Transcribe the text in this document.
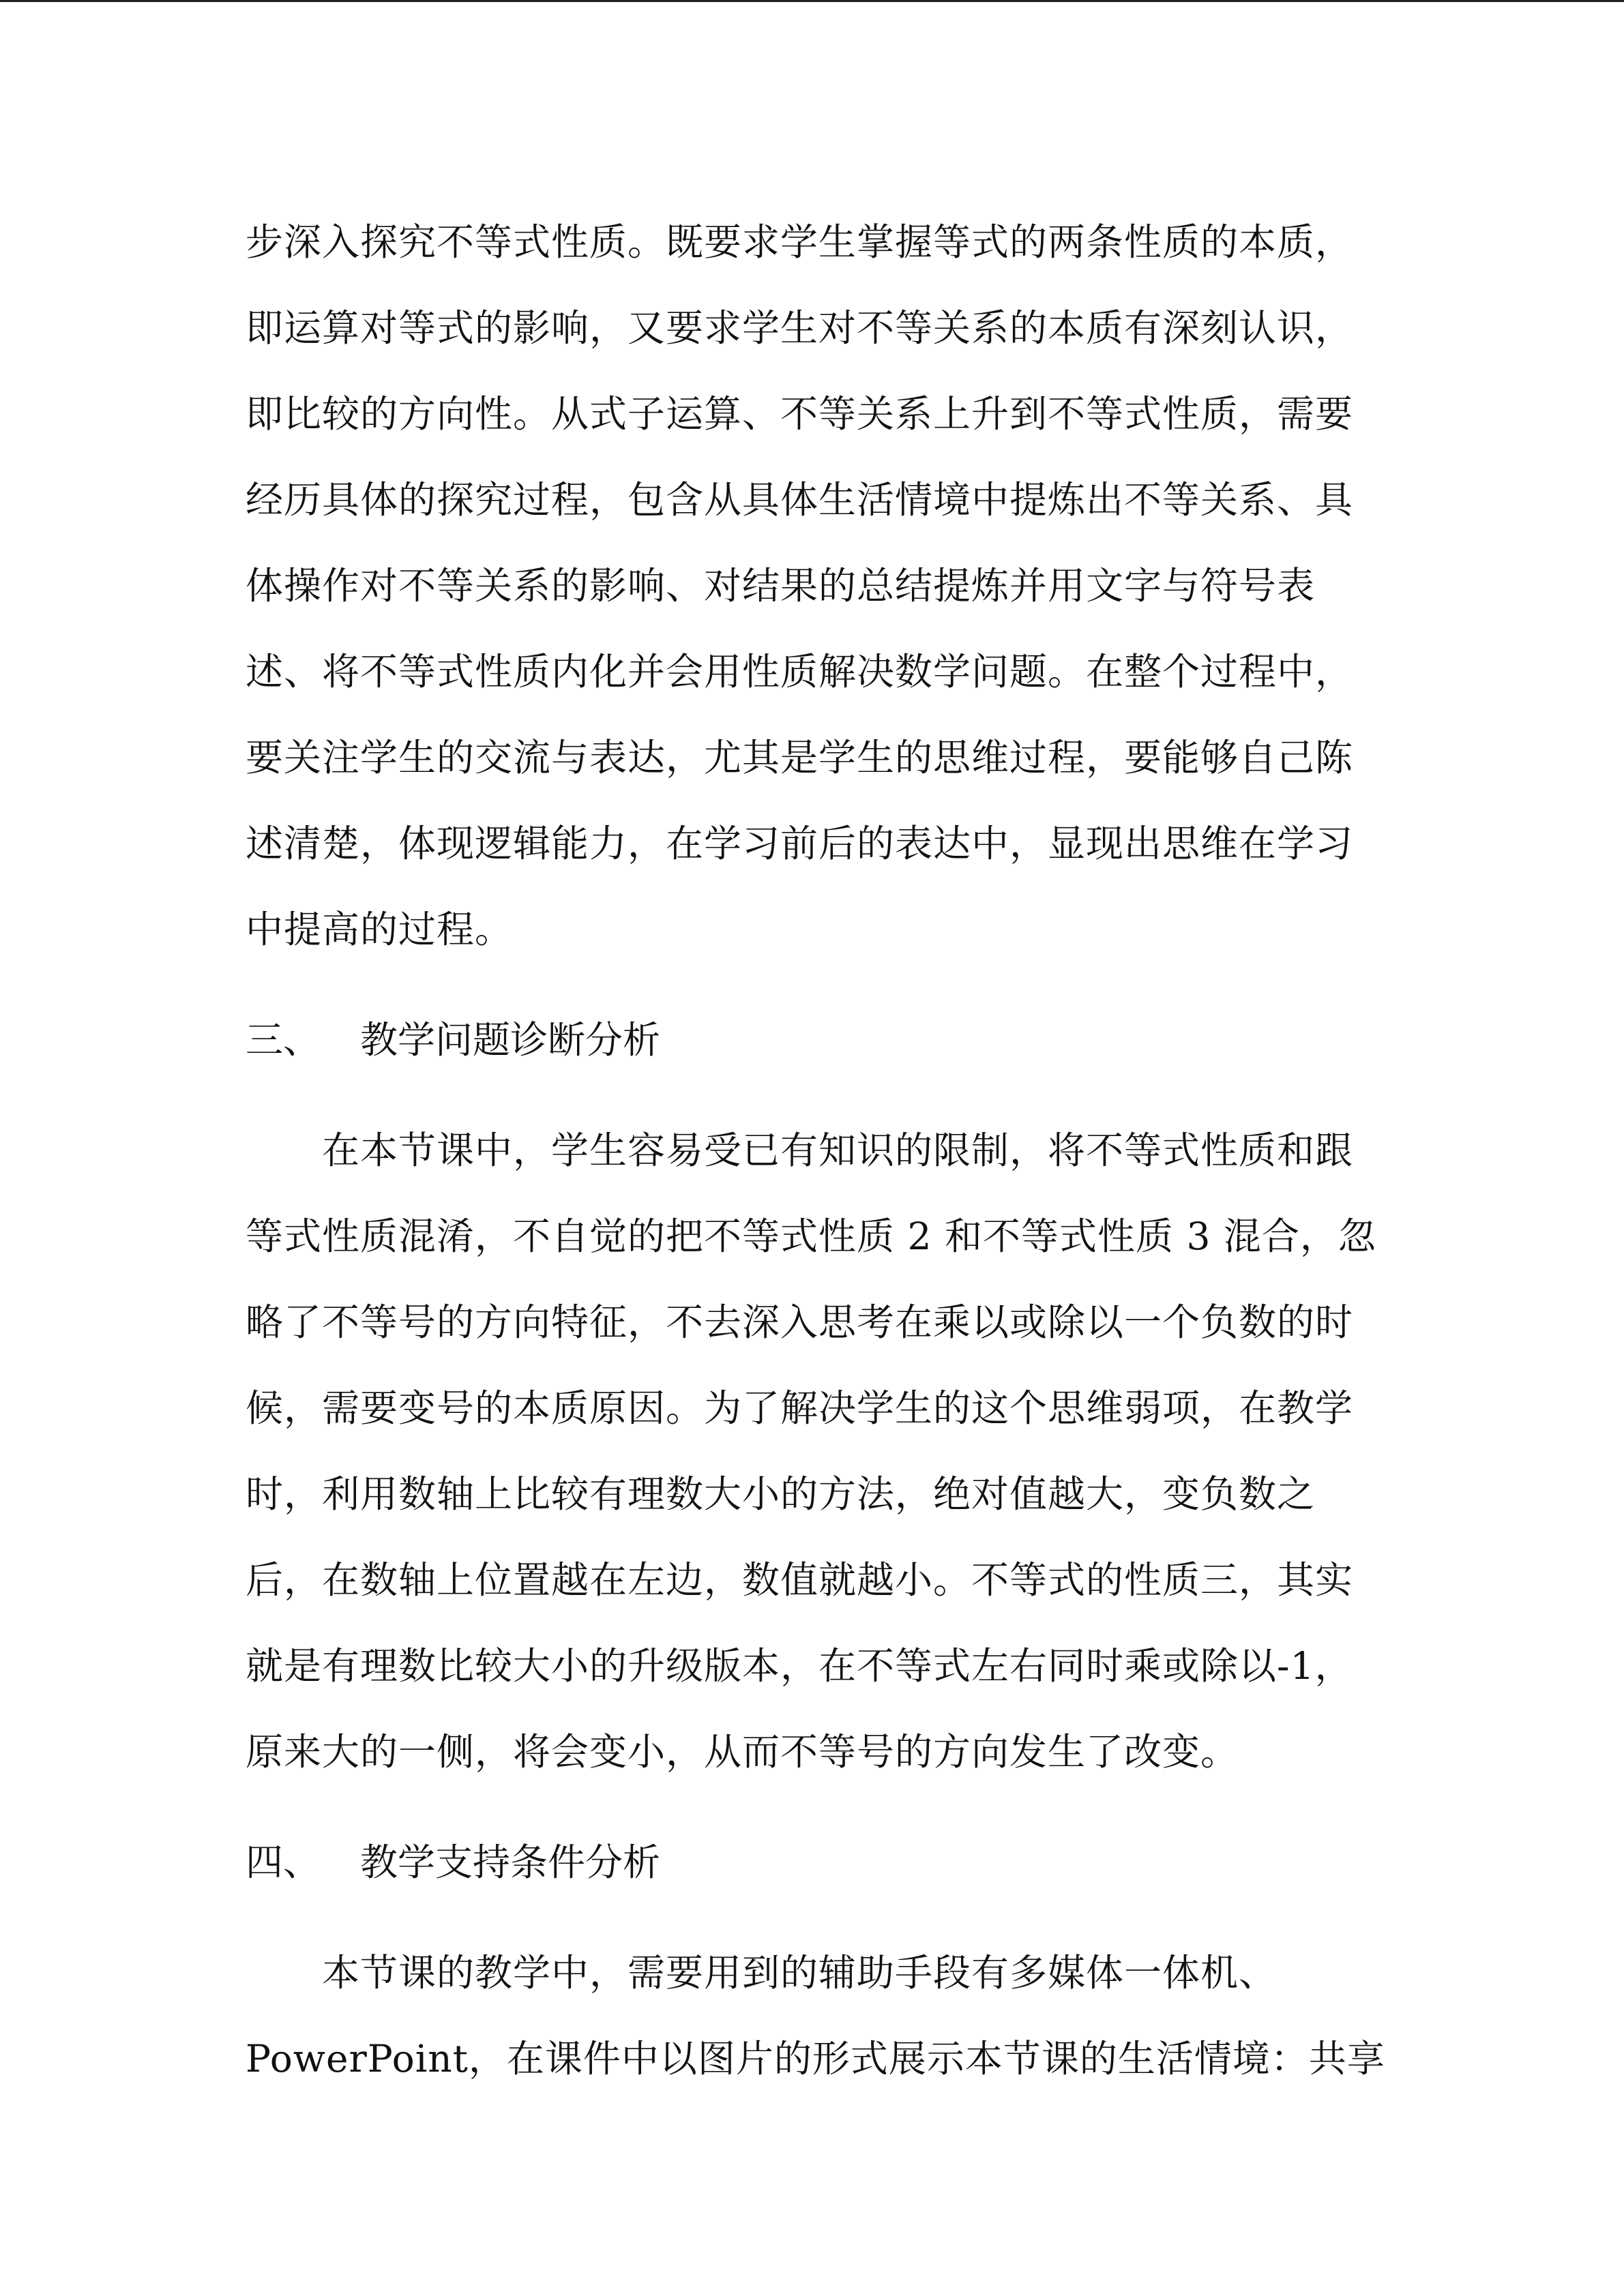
步深入探究不等式性质。既要求学生掌握等式的两条性质的本质，
即运算对等式的影响，又要求学生对不等关系的本质有深刻认识，
即比较的方向性。从式子运算、不等关系上升到不等式性质，需要
经历具体的探究过程，包含从具体生活情境中提炼出不等关系、具
体操作对不等关系的影响、对结果的总结提炼并用文字与符号表
述、将不等式性质内化并会用性质解决数学问题。在整个过程中，
要关注学生的交流与表达，尤其是学生的思维过程，要能够自己陈
述清楚，体现逻辑能力，在学习前后的表达中，显现出思维在学习
中提高的过程。
三、 教学问题诊断分析
　　在本节课中，学生容易受已有知识的限制，将不等式性质和跟
等式性质混淆，不自觉的把不等式性质 2 和不等式性质 3 混合，忽
略了不等号的方向特征，不去深入思考在乘以或除以一个负数的时
候，需要变号的本质原因。为了解决学生的这个思维弱项，在教学
时，利用数轴上比较有理数大小的方法，绝对值越大，变负数之
后，在数轴上位置越在左边，数值就越小。不等式的性质三，其实
就是有理数比较大小的升级版本，在不等式左右同时乘或除以-1，
原来大的一侧，将会变小，从而不等号的方向发生了改变。
四、 教学支持条件分析
　　本节课的教学中，需要用到的辅助手段有多媒体一体机、
PowerPoint，在课件中以图片的形式展示本节课的生活情境：共享
